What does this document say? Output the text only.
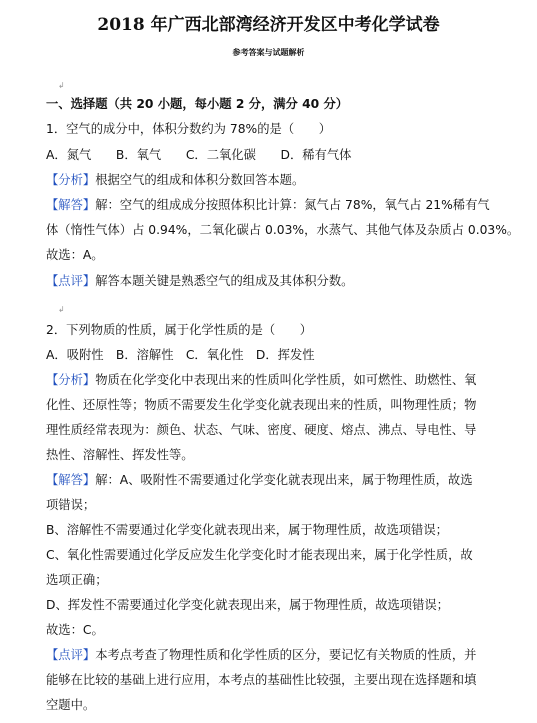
2018 年广西北部湾经济开发区中考化学试卷
参考答案与试题解析
↲
一、选择题（共 20 小题，每小题 2 分，满分 40 分）
1．空气的成分中，体积分数约为 78%的是（　　）
A．氮气　　B．氧气　　C．二氧化碳　　D．稀有气体
【分析】根据空气的组成和体积分数回答本题。
【解答】解：空气的组成成分按照体积比计算：氮气占 78%，氧气占 21%稀有气
体（惰性气体）占 0.94%，二氧化碳占 0.03%，水蒸气、其他气体及杂质占 0.03%。
故选：A。
【点评】解答本题关键是熟悉空气的组成及其体积分数。
↲
2．下列物质的性质，属于化学性质的是（　　）
A．吸附性　B．溶解性　C．氧化性　D．挥发性
【分析】物质在化学变化中表现出来的性质叫化学性质，如可燃性、助燃性、氧
化性、还原性等；物质不需要发生化学变化就表现出来的性质，叫物理性质；物
理性质经常表现为：颜色、状态、气味、密度、硬度、熔点、沸点、导电性、导
热性、溶解性、挥发性等。
【解答】解：A、吸附性不需要通过化学变化就表现出来，属于物理性质，故选
项错误；
B、溶解性不需要通过化学变化就表现出来，属于物理性质，故选项错误；
C、氧化性需要通过化学反应发生化学变化时才能表现出来，属于化学性质，故
选项正确；
D、挥发性不需要通过化学变化就表现出来，属于物理性质，故选项错误；
故选：C。
【点评】本考点考查了物理性质和化学性质的区分，要记忆有关物质的性质，并
能够在比较的基础上进行应用，本考点的基础性比较强，主要出现在选择题和填
空题中。
